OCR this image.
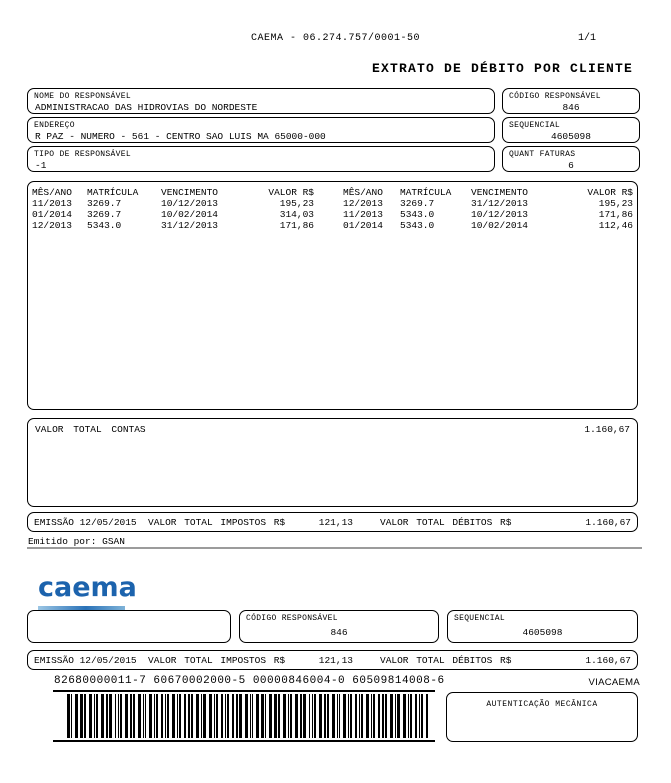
CAEMA - 06.274.757/0001-50	1/1
EXTRATO DE DÉBITO POR CLIENTE
NOME DO RESPONSÁVEL
ADMINISTRACAO DAS HIDROVIAS DO NORDESTE
CÓDIGO RESPONSÁVEL
846
ENDEREÇO
R PAZ - NUMERO - 561 - CENTRO SAO LUIS MA 65000-000
SEQUENCIAL
4605098
TIPO DE RESPONSÁVEL
-1
QUANT FATURAS
6
MÊS/ANO	MATRÍCULA	VENCIMENTO	VALOR R$
11/2013	3269.7	10/12/2013	195,23
01/2014	3269.7	10/02/2014	314,03
12/2013	5343.0	31/12/2013	171,86
MÊS/ANO	MATRÍCULA	VENCIMENTO	VALOR R$
12/2013	3269.7	31/12/2013	195,23
11/2013	5343.0	10/12/2013	171,86
01/2014	5343.0	10/02/2014	112,46
VALOR TOTAL CONTAS	1.160,67
EMISSÃO 12/05/2015 VALOR TOTAL IMPOSTOS R$	121,13	VALOR TOTAL DÉBITOS R$	1.160,67
Emitido por: GSAN
caema
CÓDIGO RESPONSÁVEL
846
SEQUENCIAL
4605098
EMISSÃO 12/05/2015 VALOR TOTAL IMPOSTOS R$	121,13	VALOR TOTAL DÉBITOS R$	1.160,67
82680000011-7 60670002000-5 00000846004-0 60509814008-6	VIACAEMA
AUTENTICAÇÃO MECÂNICA
